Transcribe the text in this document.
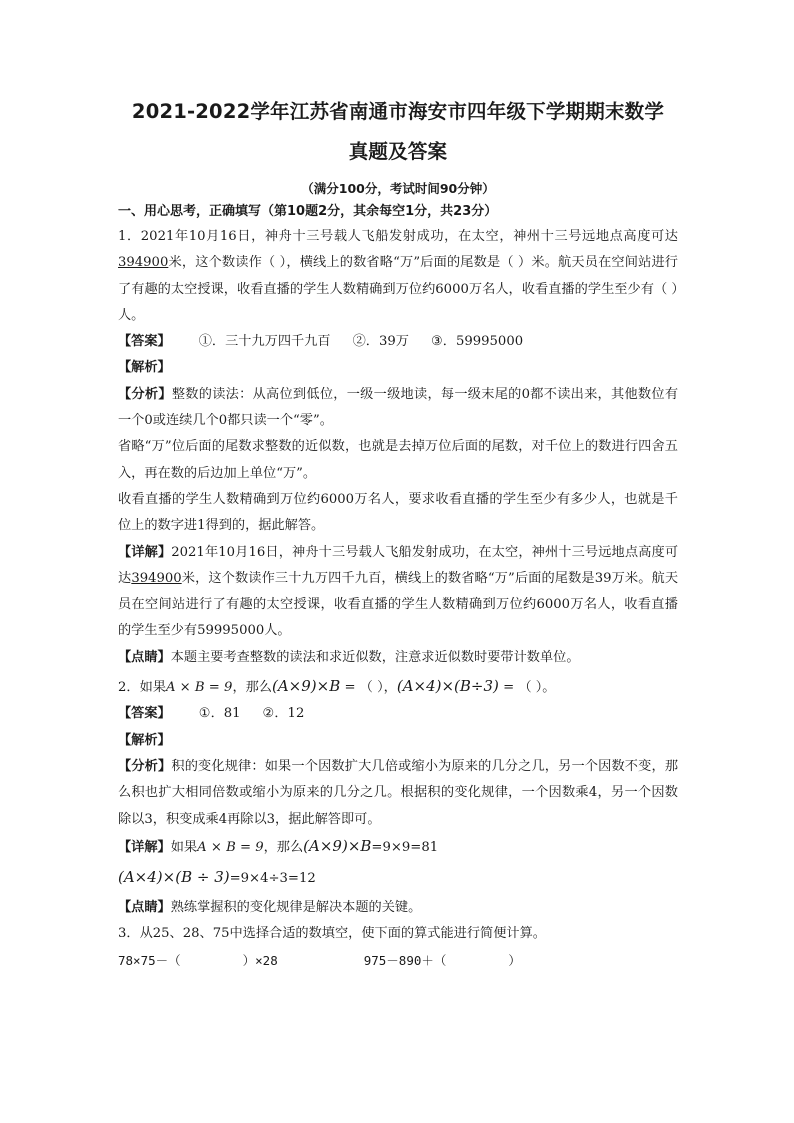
2021-2022学年江苏省南通市海安市四年级下学期期末数学
真题及答案
（满分100分，考试时间90分钟）
一、用心思考，正确填写（第10题2分，其余每空1分，共23分）

1．2021年10月16日，神舟十三号载人飞船发射成功，在太空，神州十三号远地点高度可达394900米，这个数读作（ ），横线上的数省略“万”后面的尾数是（ ）米。航天员在空间站进行了有趣的太空授课，收看直播的学生人数精确到万位约6000万名人，收看直播的学生至少有（ ）人。

【答案】 ①．三十九万四千九百 ②．39万 ③．59995000

【解析】

【分析】整数的读法：从高位到低位，一级一级地读，每一级末尾的0都不读出来，其他数位有一个0或连续几个0都只读一个“零”。

省略“万”位后面的尾数求整数的近似数，也就是去掉万位后面的尾数，对千位上的数进行四舍五入，再在数的后边加上单位“万”。

收看直播的学生人数精确到万位约6000万名人，要求收看直播的学生至少有多少人，也就是千位上的数字进1得到的，据此解答。

【详解】2021年10月16日，神舟十三号载人飞船发射成功，在太空，神州十三号远地点高度可达394900米，这个数读作三十九万四千九百，横线上的数省略“万”后面的尾数是39万米。航天员在空间站进行了有趣的太空授课，收看直播的学生人数精确到万位约6000万名人，收看直播的学生至少有59995000人。

【点睛】本题主要考查整数的读法和求近似数，注意求近似数时要带计数单位。

2．如果A × B = 9，那么(A×9)×B = （ ），(A×4)×(B÷3) = （ ）。

【答案】 ①．81 ②．12

【解析】

【分析】积的变化规律：如果一个因数扩大几倍或缩小为原来的几分之几，另一个因数不变，那么积也扩大相同倍数或缩小为原来的几分之几。根据积的变化规律，一个因数乘4，另一个因数除以3，积变成乘4再除以3，据此解答即可。

【详解】如果A × B = 9，那么(A×9)×B=9×9=81

(A×4)×(B ÷ 3)=9×4÷3=12

【点睛】熟练掌握积的变化规律是解决本题的关键。

3．从25、28、75中选择合适的数填空，使下面的算式能进行简便计算。

78×75－（	）×28	975－890＋（	）
